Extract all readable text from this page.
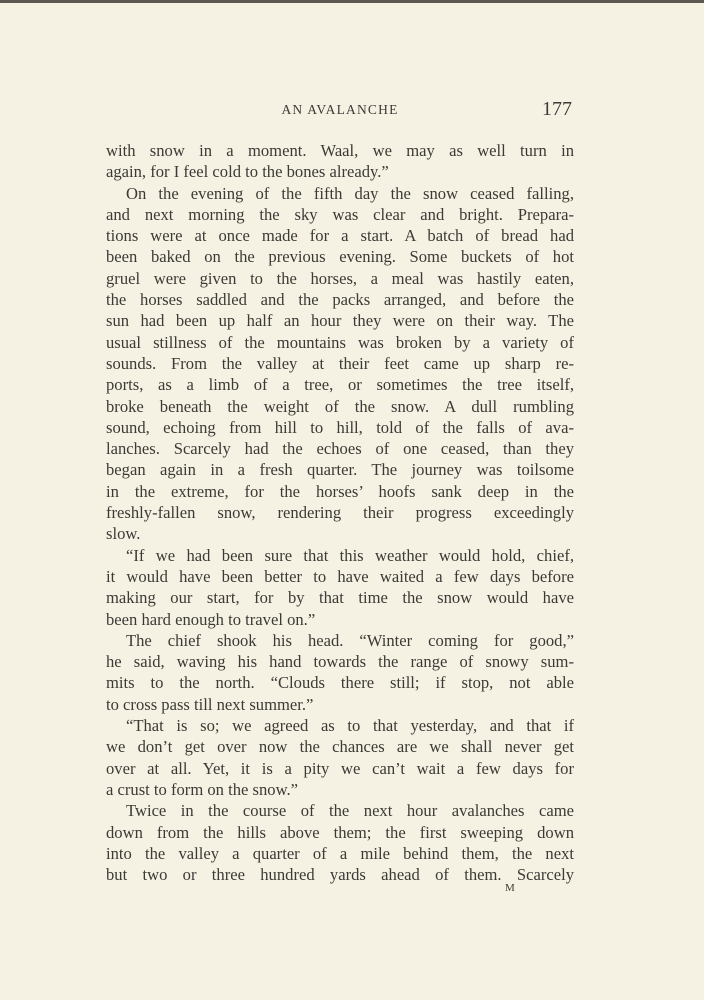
AN AVALANCHE	177
with snow in a moment. Waal, we may as well turn in
again, for I feel cold to the bones already.”
On the evening of the fifth day the snow ceased falling,
and next morning the sky was clear and bright. Prepara-
tions were at once made for a start. A batch of bread had
been baked on the previous evening. Some buckets of hot
gruel were given to the horses, a meal was hastily eaten,
the horses saddled and the packs arranged, and before the
sun had been up half an hour they were on their way. The
usual stillness of the mountains was broken by a variety of
sounds. From the valley at their feet came up sharp re-
ports, as a limb of a tree, or sometimes the tree itself,
broke beneath the weight of the snow. A dull rumbling
sound, echoing from hill to hill, told of the falls of ava-
lanches. Scarcely had the echoes of one ceased, than they
began again in a fresh quarter. The journey was toilsome
in the extreme, for the horses’ hoofs sank deep in the
freshly-fallen snow, rendering their progress exceedingly
slow.
“If we had been sure that this weather would hold, chief,
it would have been better to have waited a few days before
making our start, for by that time the snow would have
been hard enough to travel on.”
The chief shook his head. “Winter coming for good,”
he said, waving his hand towards the range of snowy sum-
mits to the north. “Clouds there still; if stop, not able
to cross pass till next summer.”
“That is so; we agreed as to that yesterday, and that if
we don’t get over now the chances are we shall never get
over at all. Yet, it is a pity we can’t wait a few days for
a crust to form on the snow.”
Twice in the course of the next hour avalanches came
down from the hills above them; the first sweeping down
into the valley a quarter of a mile behind them, the next
but two or three hundred yards ahead of them. Scarcely
M
